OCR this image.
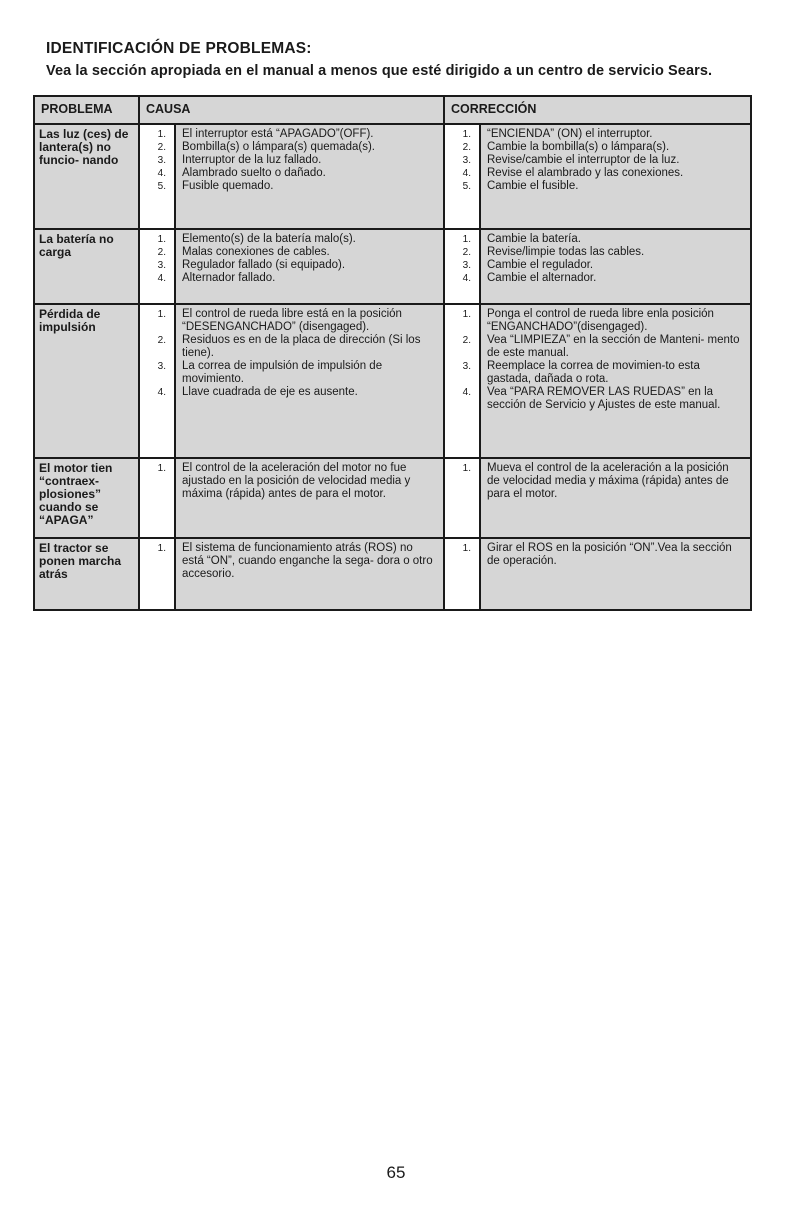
IDENTIFICACIÓN DE PROBLEMAS:
Vea la sección apropiada en el manual a menos que esté dirigido a un centro de servicio Sears.
PROBLEMA	CAUSA	CORRECCIÓN
Las luz (ces) de lantera(s) no funcio- nando
1.
2.
3.
4.
5.
El interruptor está “APAGADO”(OFF).
Bombilla(s) o lámpara(s) quemada(s).
Interruptor de la luz fallado.
Alambrado suelto o dañado.
Fusible quemado.
1.
2.
3.
4.
5.
“ENCIENDA” (ON) el interruptor.
Cambie la bombilla(s) o lámpara(s).
Revise/cambie el interruptor de la luz.
Revise el alambrado y las conexiones.
Cambie el fusible.
La batería no carga
1.
2.
3.
4.
Elemento(s) de la batería malo(s).
Malas conexiones de cables.
Regulador fallado (si equipado).
Alternador fallado.
1.
2.
3.
4.
Cambie la batería.
Revise/limpie todas las cables.
Cambie el regulador.
Cambie el alternador.
Pérdida de impulsión
1.
2.
3.
4.
El control de rueda libre está en la posición “DESENGANCHADO” (disengaged).
Residuos es en de la placa de dirección (Si los tiene).
La correa de impulsión de impulsión de movimiento.
Llave cuadrada de eje es ausente.
1.
2.
3.
4.
Ponga el control de rueda libre enla posición “ENGANCHADO”(disengaged).
Vea “LIMPIEZA” en la sección de Manteni- mento de este manual.
Reemplace la correa de movimien-to esta gastada, dañada o rota.
Vea “PARA REMOVER LAS RUEDAS” en la sección de Servicio y Ajustes de este manual.
El motor tien “contraex- plosiones” cuando se “APAGA”
1. El control de la aceleración del motor no fue ajustado en la posición de velocidad media y máxima (rápida) antes de para el motor.
1. Mueva el control de la aceleración a la posición de velocidad media y máxima (rápida) antes de para el motor.
El tractor se ponen marcha atrás
1. El sistema de funcionamiento atrás (ROS) no está “ON”, cuando enganche la sega- dora o otro accesorio.
1. Girar el ROS en la posición “ON”.Vea la sección de operación.
65
